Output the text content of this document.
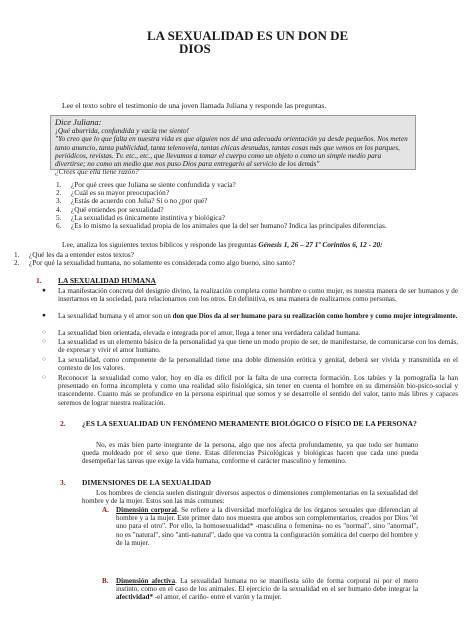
LA SEXUALIDAD ES UN DON DE
DIOS
Lee el texto sobre el testimonio de una joven llamada Juliana y responde las preguntas.
Dice Juliana:
¡Qué aburrida, confundida y vacía me siento!
"Yo creo que lo que falta en nuestra vida es que alguien nos dé una adecuada orientación ya desde pequeños. Nos meten tanto anuncio, tanta publicidad, tanta telenovela, tantas chicas desnudas, tantas cosas más que vemos en los parques, periódicos, revistas. Tv. etc., etc., que llevamos a tomar el cuerpo como un objeto o como un simple medio para divertirse; no como un medio que nos puso Dios para entregarlo al servicio de los demás"
¿Crees que ella tiene razón?
1.	¿Por qué crees que Juliana se siente confundida y vacía?
2.	¿Cuál es su mayor preocupación?
3.	¿Estás de acuerdo con Julia? Si o no ¿por qué?
4.	¿Qué entiendes por sexualidad?
5.	¿La sexualidad es únicamente instintiva y biológica?
6.	¿Es lo mismo la sexualidad propia de los animales que la del ser humano? Indica las principales diferencias.
Lee, analiza los siguientes textos bíblicos y responde las preguntas Génesis 1, 26 – 27 1º Corintios 6, 12 - 20:
1.	¿Qué les da a entender estos textos?
2.	¿Por qué la sexualidad humana, no solamente es considerada como algo bueno, sino santo?
1. LA SEXUALIDAD HUMANA
● La manifestación concreta del designio divino, la realización completa como hombre o como mujer, es nuestra manera de ser humanos y de insertarnos en la sociedad, para relacionarnos con los otros. En definitiva, es una manera de realizarnos como personas.
● La sexualidad humana y el amor son un don que Dios da al ser humano para su realización como hombre y como mujer integralmente.
○ La sexualidad bien orientada, elevada e integrada por el amor, llega a tener una verdadera calidad humana.
○ La sexualidad es un elemento básico de la personalidad ya que tiene un modo propio de ser, de manifestarse, de comunicarse con los demás, de expresar y vivir el amor humano.
○ La sexualidad, como componente de la personalidad tiene una doble dimensión erótica y genital, deberá ser vivida y transmitida en el contexto de los valores.
○ Reconocer la sexualidad como valor, hoy en día es difícil por la falta de una correcta formación. Los tabúes y la pornografía la han presentado en forma incompleta y como una realidad sólo fisiológica, sin tener en cuenta el hombre en su dimensión bio-psico-social y trascendente. Cuanto más se profundice en la persona espiritual que somos y se desarrolle el sentido del valor, tanto más libres y capaces seremos de lograr nuestra realización.
2. ¿ES LA SEXUALIDAD UN FENÓMENO MERAMENTE BIOLÓGICO O FÍSICO DE LA PERSONA?
No, es más bien parte integrante de la persona, algo que nos afecta profundamente, ya que todo ser humano queda moldeado por el sexo que tiene. Estas diferencias Psicológicas y biológicas hacen que cada uno pueda desempeñar las tareas que exige la vida humana, conforme el carácter masculino y femenino.
3. DIMENSIONES DE LA SEXUALIDAD
Los hombres de ciencia suelen distinguir diversos aspectos o dimensiones complementarias en la sexualidad del hombre y de la mujer. Estos son las más comunes:
A. Dimensión corporal. Se refiere a la diversidad morfológica de los órganos sexuales que diferencian al hombre y a la mujer. Este primer dato nos muestra que ambos son complementarios, creados por Dios "el uno para el otro". Por ello, la homosexualidad* -masculina o femenina- no es "normal", sino "anormal", no es "natural", sino "anti-natural", dado que va contra la configuración somática del cuerpo del hombre y de la mujer.
B. Dimensión afectiva. La sexualidad humana no se manifiesta sólo de forma corporal ni por el mero instinto, como en el caso de los animales. El ejercicio de la sexualidad en el ser humano debe integrar la afectividad* -el amor, el cariño- entre el varón y la mujer.
